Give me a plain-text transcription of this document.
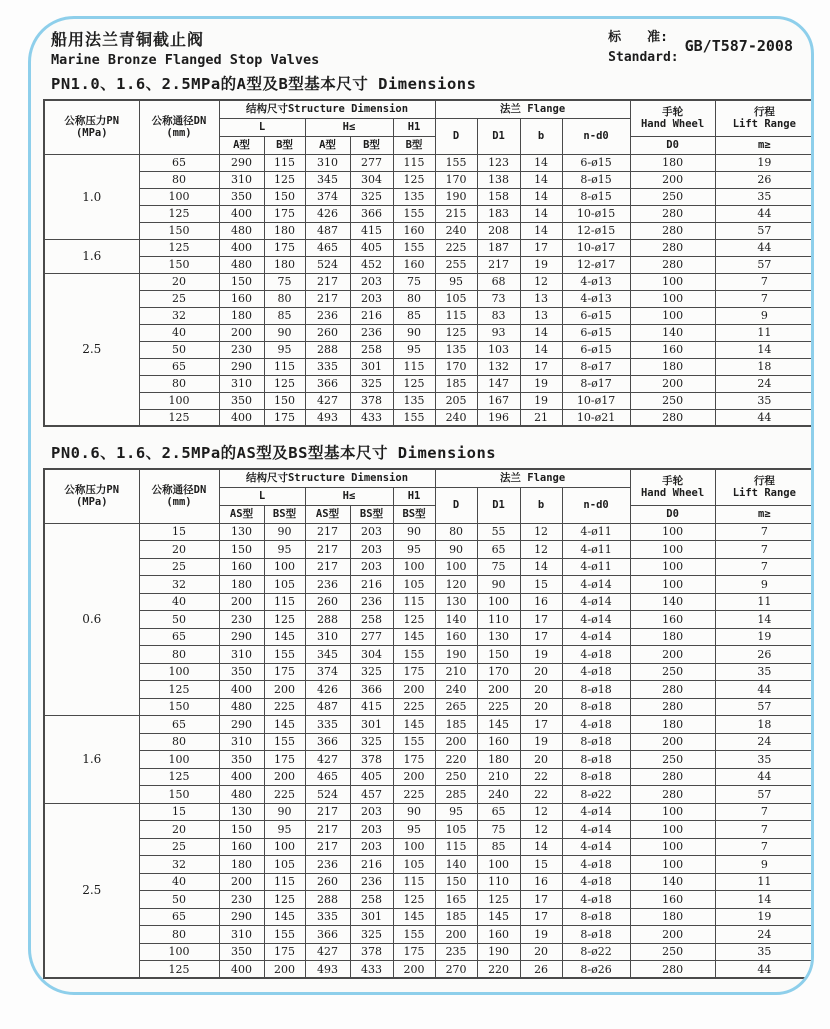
船用法兰青铜截止阀
Marine Bronze Flanged Stop Valves
标　　准:
Standard:
GB/T587-2008
PN1.0、1.6、2.5MPa的A型及B型基本尺寸 Dimensions
公称压力PN
(MPa)	公称通径DN
(mm)	结构尺寸Structure Dimension					法兰 Flange				手轮
Hand Wheel	行程
Lift Range
		L		H≤		H1	D	D1	b	n-d0		
		A型	B型	A型	B型	B型					D0	m≥
1.0	65	290	115	310	277	115	155	123	14	6-ø15	180	19
	80	310	125	345	304	125	170	138	14	8-ø15	200	26
	100	350	150	374	325	135	190	158	14	8-ø15	250	35
	125	400	175	426	366	155	215	183	14	10-ø15	280	44
	150	480	180	487	415	160	240	208	14	12-ø15	280	57
1.6	125	400	175	465	405	155	225	187	17	10-ø17	280	44
	150	480	180	524	452	160	255	217	19	12-ø17	280	57
2.5	20	150	75	217	203	75	95	68	12	4-ø13	100	7
	25	160	80	217	203	80	105	73	13	4-ø13	100	7
	32	180	85	236	216	85	115	83	13	6-ø15	100	9
	40	200	90	260	236	90	125	93	14	6-ø15	140	11
	50	230	95	288	258	95	135	103	14	6-ø15	160	14
	65	290	115	335	301	115	170	132	17	8-ø17	180	18
	80	310	125	366	325	125	185	147	19	8-ø17	200	24
	100	350	150	427	378	135	205	167	19	10-ø17	250	35
	125	400	175	493	433	155	240	196	21	10-ø21	280	44
PN0.6、1.6、2.5MPa的AS型及BS型基本尺寸 Dimensions
公称压力PN
(MPa)	公称通径DN
(mm)	结构尺寸Structure Dimension					法兰 Flange				手轮
Hand Wheel	行程
Lift Range
		L		H≤		H1	D	D1	b	n-d0		
		AS型	BS型	AS型	BS型	BS型					D0	m≥
0.6	15	130	90	217	203	90	80	55	12	4-ø11	100	7
	20	150	95	217	203	95	90	65	12	4-ø11	100	7
	25	160	100	217	203	100	100	75	14	4-ø11	100	7
	32	180	105	236	216	105	120	90	15	4-ø14	100	9
	40	200	115	260	236	115	130	100	16	4-ø14	140	11
	50	230	125	288	258	125	140	110	17	4-ø14	160	14
	65	290	145	310	277	145	160	130	17	4-ø14	180	19
	80	310	155	345	304	155	190	150	19	4-ø18	200	26
	100	350	175	374	325	175	210	170	20	4-ø18	250	35
	125	400	200	426	366	200	240	200	20	8-ø18	280	44
	150	480	225	487	415	225	265	225	20	8-ø18	280	57
1.6	65	290	145	335	301	145	185	145	17	4-ø18	180	18
	80	310	155	366	325	155	200	160	19	8-ø18	200	24
	100	350	175	427	378	175	220	180	20	8-ø18	250	35
	125	400	200	465	405	200	250	210	22	8-ø18	280	44
	150	480	225	524	457	225	285	240	22	8-ø22	280	57
2.5	15	130	90	217	203	90	95	65	12	4-ø14	100	7
	20	150	95	217	203	95	105	75	12	4-ø14	100	7
	25	160	100	217	203	100	115	85	14	4-ø14	100	7
	32	180	105	236	216	105	140	100	15	4-ø18	100	9
	40	200	115	260	236	115	150	110	16	4-ø18	140	11
	50	230	125	288	258	125	165	125	17	4-ø18	160	14
	65	290	145	335	301	145	185	145	17	8-ø18	180	19
	80	310	155	366	325	155	200	160	19	8-ø18	200	24
	100	350	175	427	378	175	235	190	20	8-ø22	250	35
	125	400	200	493	433	200	270	220	26	8-ø26	280	44
